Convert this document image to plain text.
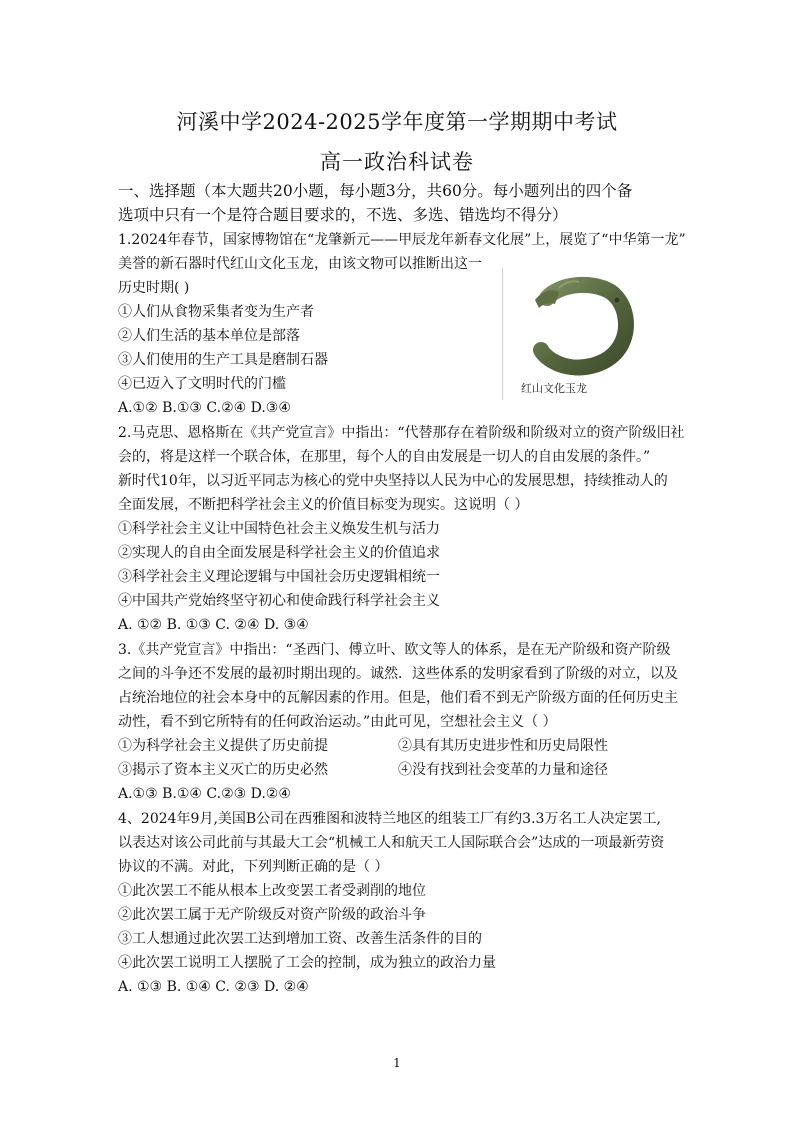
河溪中学2024-2025学年度第一学期期中考试
高一政治科试卷
一、选择题（本大题共20小题，每小题3分，共60分。每小题列出的四个备
选项中只有一个是符合题目要求的，不选、多选、错选均不得分）
1.2024年春节，国家博物馆在“龙肇新元——甲辰龙年新春文化展”上，展览了“中华第一龙”
美誉的新石器时代红山文化玉龙，由该文物可以推断出这一
历史时期( )
①人们从食物采集者变为生产者
②人们生活的基本单位是部落
③人们使用的生产工具是磨制石器
④已迈入了文明时代的门槛
A.①② B.①③ C.②④ D.③④
红山文化玉龙
2.马克思、恩格斯在《共产党宣言》中指出：“代替那存在着阶级和阶级对立的资产阶级旧社
会的，将是这样一个联合体，在那里，每个人的自由发展是一切人的自由发展的条件。”
新时代10年，以习近平同志为核心的党中央坚持以人民为中心的发展思想，持续推动人的
全面发展，不断把科学社会主义的价值目标变为现实。这说明（ ）
①科学社会主义让中国特色社会主义焕发生机与活力
②实现人的自由全面发展是科学社会主义的价值追求
③科学社会主义理论逻辑与中国社会历史逻辑相统一
④中国共产党始终坚守初心和使命践行科学社会主义
A. ①② B. ①③ C. ②④ D. ③④
3.《共产党宣言》中指出：“圣西门、傅立叶、欧文等人的体系，是在无产阶级和资产阶级
之间的斗争还不发展的最初时期出现的。诚然．这些体系的发明家看到了阶级的对立，以及
占统治地位的社会本身中的瓦解因素的作用。但是，他们看不到无产阶级方面的任何历史主
动性，看不到它所特有的任何政治运动。”由此可见，空想社会主义（ ）
①为科学社会主义提供了历史前提	②具有其历史进步性和历史局限性
③揭示了资本主义灭亡的历史必然	④没有找到社会变革的力量和途径
A.①③ B.①④ C.②③ D.②④
4、2024年9月,美国B公司在西雅图和波特兰地区的组装工厂有约3.3万名工人决定罢工,
以表达对该公司此前与其最大工会“机械工人和航天工人国际联合会”达成的一项最新劳资
协议的不满。对此，下列判断正确的是（ ）
①此次罢工不能从根本上改变罢工者受剥削的地位
②此次罢工属于无产阶级反对资产阶级的政治斗争
③工人想通过此次罢工达到增加工资、改善生活条件的目的
④此次罢工说明工人摆脱了工会的控制，成为独立的政治力量
A. ①③ B. ①④ C. ②③ D. ②④
1
